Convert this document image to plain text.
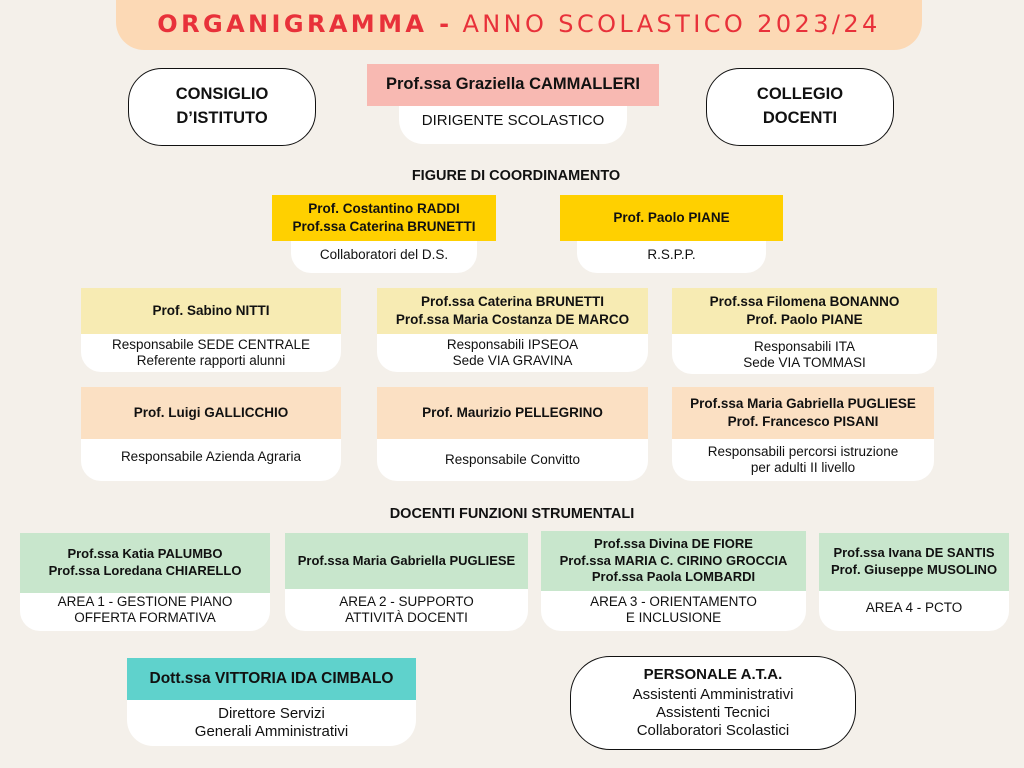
ORGANIGRAMMA - ANNO SCOLASTICO 2023/24
CONSIGLIO
D’ISTITUTO
Prof.ssa Graziella CAMMALLERI
DIRIGENTE SCOLASTICO
COLLEGIO
DOCENTI
FIGURE DI COORDINAMENTO
Prof. Costantino RADDI
Prof.ssa Caterina BRUNETTI
Collaboratori del D.S.
Prof. Paolo PIANE
R.S.P.P.
Prof. Sabino NITTI
Responsabile SEDE CENTRALE
Referente rapporti alunni
Prof.ssa Caterina BRUNETTI
Prof.ssa Maria Costanza DE MARCO
Responsabili IPSEOA
Sede VIA GRAVINA
Prof.ssa Filomena BONANNO
Prof. Paolo PIANE
Responsabili ITA
Sede VIA TOMMASI
Prof. Luigi GALLICCHIO
Responsabile Azienda Agraria
Prof. Maurizio PELLEGRINO
Responsabile Convitto
Prof.ssa Maria Gabriella PUGLIESE
Prof. Francesco PISANI
Responsabili percorsi istruzione
per adulti II livello
DOCENTI FUNZIONI STRUMENTALI
Prof.ssa Katia PALUMBO
Prof.ssa Loredana CHIARELLO
AREA 1 - GESTIONE PIANO
OFFERTA FORMATIVA
Prof.ssa Maria Gabriella PUGLIESE
AREA 2 - SUPPORTO
ATTIVITÀ DOCENTI
Prof.ssa Divina DE FIORE
Prof.ssa MARIA C. CIRINO GROCCIA
Prof.ssa Paola LOMBARDI
AREA 3 - ORIENTAMENTO
E INCLUSIONE
Prof.ssa Ivana DE SANTIS
Prof. Giuseppe MUSOLINO
AREA 4 - PCTO
Dott.ssa VITTORIA IDA CIMBALO
Direttore Servizi
Generali Amministrativi
PERSONALE A.T.A.
Assistenti Amministrativi
Assistenti Tecnici
Collaboratori Scolastici
